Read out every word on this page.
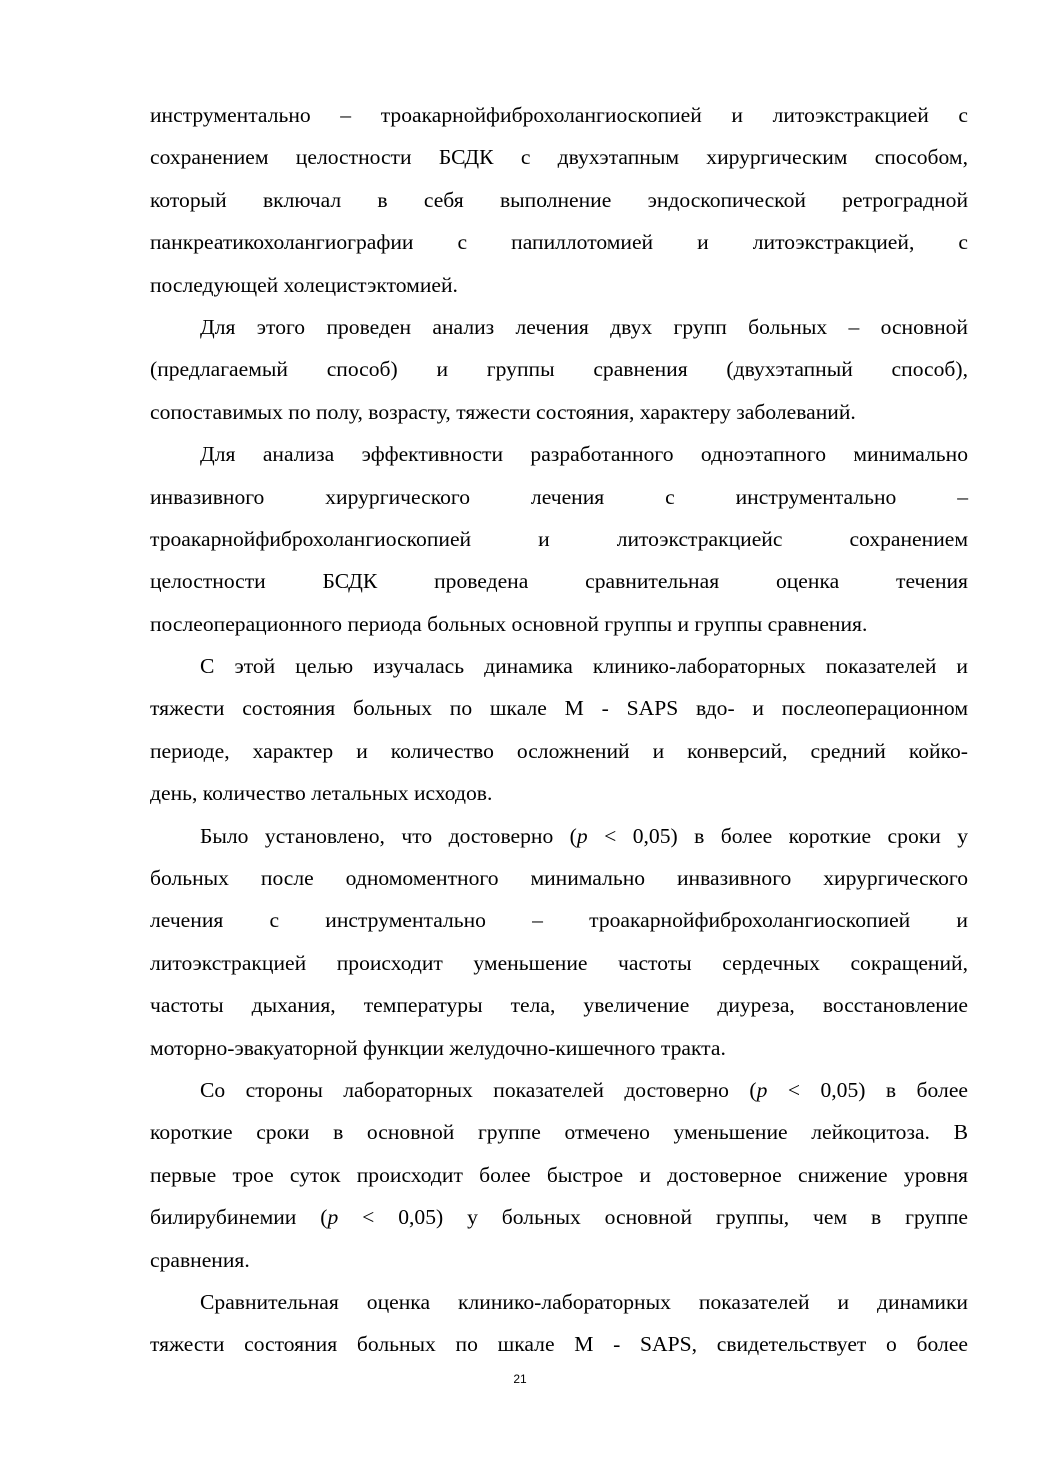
инструментально – троакарнойфиброхолангиоскопией и литоэкстракцией с
сохранением целостности БСДК с двухэтапным хирургическим способом,
который включал в себя выполнение эндоскопической ретроградной
панкреатикохолангиографии с папиллотомией и литоэкстракцией, с
последующей холецистэктомией.
Для этого проведен анализ лечения двух групп больных – основной
(предлагаемый способ) и группы сравнения (двухэтапный способ),
сопоставимых по полу, возрасту, тяжести состояния, характеру заболеваний.
Для анализа эффективности разработанного одноэтапного минимально
инвазивного хирургического лечения с инструментально –
троакарнойфиброхолангиоскопией и литоэкстракциейс сохранением
целостности БСДК проведена сравнительная оценка течения
послеоперационного периода больных основной группы и группы сравнения.
С этой целью изучалась динамика клинико-лабораторных показателей и
тяжести состояния больных по шкале М - SAPS вдо- и послеоперационном
периоде, характер и количество осложнений и конверсий, средний койко-
день, количество летальных исходов.
Было установлено, что достоверно (p < 0,05) в более короткие сроки у
больных после одномоментного минимально инвазивного хирургического
лечения с инструментально – троакарнойфиброхолангиоскопией и
литоэкстракцией происходит уменьшение частоты сердечных сокращений,
частоты дыхания, температуры тела, увеличение диуреза, восстановление
моторно-эвакуаторной функции желудочно-кишечного тракта.
Со стороны лабораторных показателей достоверно (p < 0,05) в более
короткие сроки в основной группе отмечено уменьшение лейкоцитоза. В
первые трое суток происходит более быстрое и достоверное снижение уровня
билирубинемии (p < 0,05) у больных основной группы, чем в группе
сравнения.
Сравнительная оценка клинико-лабораторных показателей и динамики
тяжести состояния больных по шкале М - SAPS, свидетельствует о более
21
